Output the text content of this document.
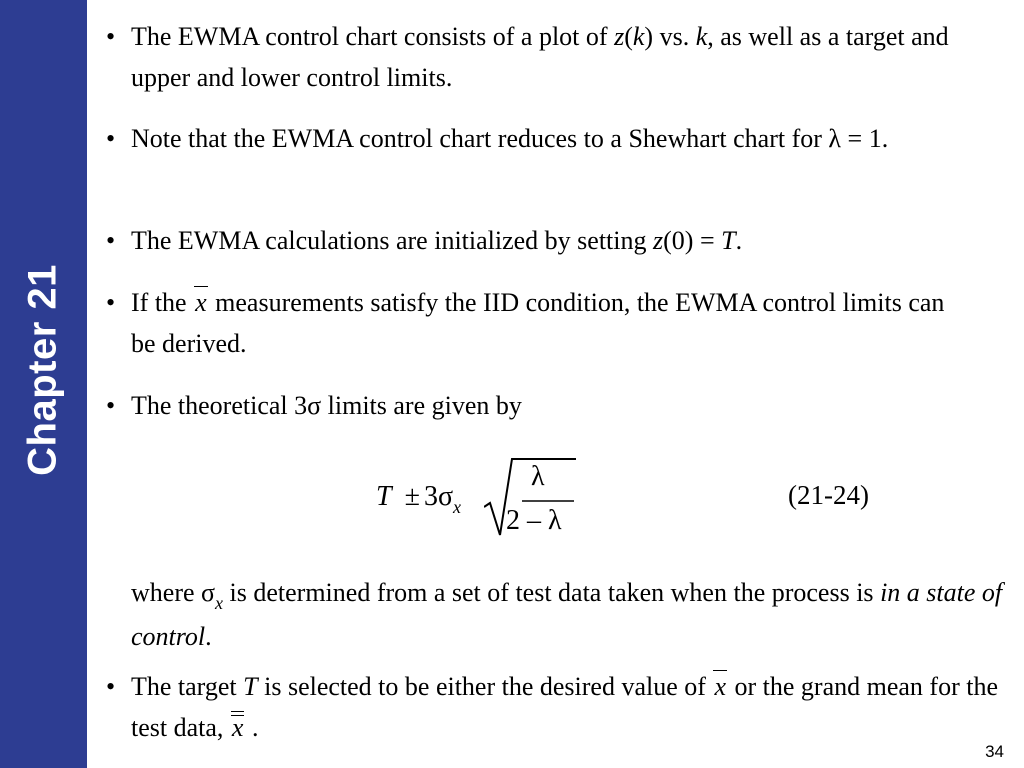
Chapter 21
• The EWMA control chart consists of a plot of z(k) vs. k, as well as a target and upper and lower control limits.
• Note that the EWMA control chart reduces to a Shewhart chart for λ = 1.
• The EWMA calculations are initialized by setting z(0) = T.
• If the x measurements satisfy the IID condition, the EWMA control limits can be derived.
• The theoretical 3σ limits are given by
• The target T is selected to be either the desired value of x or the grand mean for the test data, x .
$T \pm 3\sigma_x$
λ
2 – λ
(21-24)
where $\sigma_x$ is determined from a set of test data taken when the process is in a state of control.
34
